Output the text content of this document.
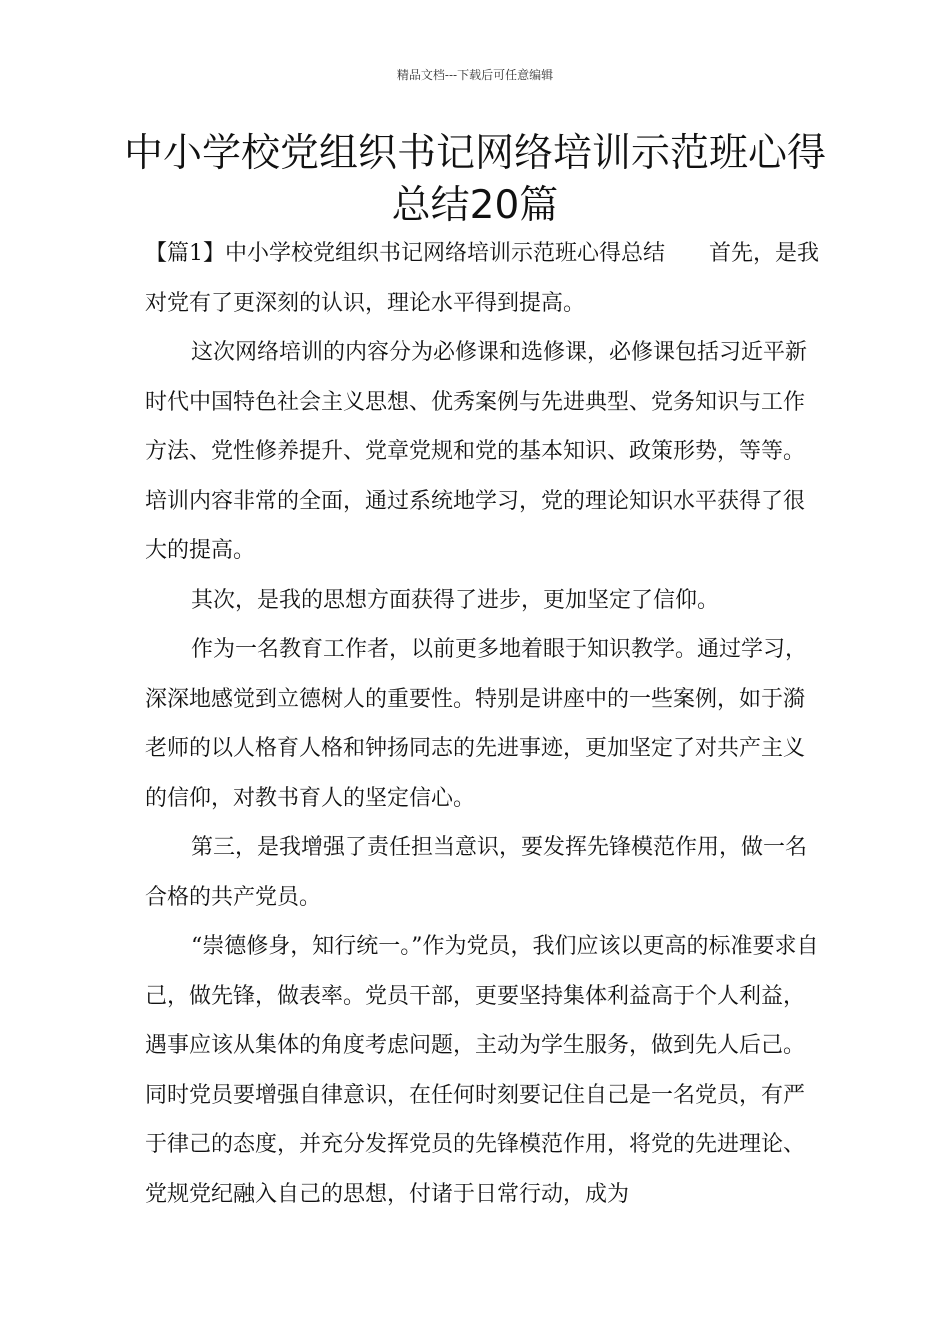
精品文档---下载后可任意编辑
中小学校党组织书记网络培训示范班心得总结20篇

【篇1】中小学校党组织书记网络培训示范班心得总结　　首先，是我对党有了更深刻的认识，理论水平得到提高。

这次网络培训的内容分为必修课和选修课，必修课包括习近平新时代中国特色社会主义思想、优秀案例与先进典型、党务知识与工作方法、党性修养提升、党章党规和党的基本知识、政策形势，等等。培训内容非常的全面，通过系统地学习，党的理论知识水平获得了很大的提高。

其次，是我的思想方面获得了进步，更加坚定了信仰。

作为一名教育工作者，以前更多地着眼于知识教学。通过学习，深深地感觉到立德树人的重要性。特别是讲座中的一些案例，如于漪老师的以人格育人格和钟扬同志的先进事迹，更加坚定了对共产主义的信仰，对教书育人的坚定信心。

第三，是我增强了责任担当意识，要发挥先锋模范作用，做一名合格的共产党员。

“崇德修身，知行统一。”作为党员，我们应该以更高的标准要求自己，做先锋，做表率。党员干部，更要坚持集体利益高于个人利益，遇事应该从集体的角度考虑问题，主动为学生服务，做到先人后己。同时党员要增强自律意识，在任何时刻要记住自己是一名党员，有严于律己的态度，并充分发挥党员的先锋模范作用，将党的先进理论、党规党纪融入自己的思想，付诸于日常行动，成为
